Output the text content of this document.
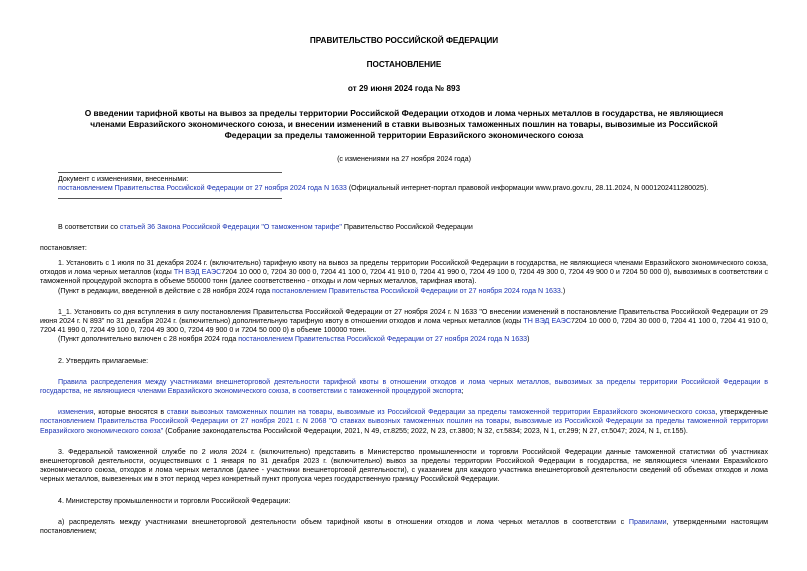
ПРАВИТЕЛЬСТВО РОССИЙСКОЙ ФЕДЕРАЦИИ
ПОСТАНОВЛЕНИЕ
от 29 июня 2024 года № 893
О введении тарифной квоты на вывоз за пределы территории Российской Федерации отходов и лома черных металлов в государства, не являющиеся членами Евразийского экономического союза, и внесении изменений в ставки вывозных таможенных пошлин на товары, вывозимые из Российской Федерации за пределы таможенной территории Евразийского экономического союза
(с изменениями на 27 ноября 2024 года)

Документ с изменениями, внесенными:

постановлением Правительства Российской Федерации от 27 ноября 2024 года N 1633 (Официальный интернет-портал правовой информации www.pravo.gov.ru, 28.11.2024, N 0001202411280025).

В соответствии со статьей 36 Закона Российской Федерации "О таможенном тарифе" Правительство Российской Федерации

постановляет:

1. Установить с 1 июля по 31 декабря 2024 г. (включительно) тарифную квоту на вывоз за пределы территории Российской Федерации в государства, не являющиеся членами Евразийского экономического союза, отходов и лома черных металлов (коды ТН ВЭД ЕАЭС7204 10 000 0, 7204 30 000 0, 7204 41 100 0, 7204 41 910 0, 7204 41 990 0, 7204 49 100 0, 7204 49 300 0, 7204 49 900 0 и 7204 50 000 0), вывозимых в соответствии с таможенной процедурой экспорта в объеме 550000 тонн (далее соответственно - отходы и лом черных металлов, тарифная квота).

(Пункт в редакции, введенной в действие с 28 ноября 2024 года постановлением Правительства Российской Федерации от 27 ноября 2024 года N 1633.)

1_1. Установить со дня вступления в силу постановления Правительства Российской Федерации от 27 ноября 2024 г. N 1633 "О внесении изменений в постановление Правительства Российской Федерации от 29 июня 2024 г. N 893" по 31 декабря 2024 г. (включительно) дополнительную тарифную квоту в отношении отходов и лома черных металлов (коды ТН ВЭД ЕАЭС7204 10 000 0, 7204 30 000 0, 7204 41 100 0, 7204 41 910 0, 7204 41 990 0, 7204 49 100 0, 7204 49 300 0, 7204 49 900 0 и 7204 50 000 0) в объеме 100000 тонн.

(Пункт дополнительно включен с 28 ноября 2024 года постановлением Правительства Российской Федерации от 27 ноября 2024 года N 1633)

2. Утвердить прилагаемые:

Правила распределения между участниками внешнеторговой деятельности тарифной квоты в отношении отходов и лома черных металлов, вывозимых за пределы территории Российской Федерации в государства, не являющиеся членами Евразийского экономического союза, в соответствии с таможенной процедурой экспорта;

изменения, которые вносятся в ставки вывозных таможенных пошлин на товары, вывозимые из Российской Федерации за пределы таможенной территории Евразийского экономического союза, утвержденные постановлением Правительства Российской Федерации от 27 ноября 2021 г. N 2068 "О ставках вывозных таможенных пошлин на товары, вывозимые из Российской Федерации за пределы таможенной территории Евразийского экономического союза" (Собрание законодательства Российской Федерации, 2021, N 49, ст.8255; 2022, N 23, ст.3800; N 32, ст.5834; 2023, N 1, ст.299; N 27, ст.5047; 2024, N 1, ст.155).

3. Федеральной таможенной службе по 2 июля 2024 г. (включительно) представить в Министерство промышленности и торговли Российской Федерации данные таможенной статистики об участниках внешнеторговой деятельности, осуществивших с 1 января по 31 декабря 2023 г. (включительно) вывоз за пределы территории Российской Федерации в государства, не являющиеся членами Евразийского экономического союза, отходов и лома черных металлов (далее - участники внешнеторговой деятельности), с указанием для каждого участника внешнеторговой деятельности сведений об объемах отходов и лома черных металлов, вывезенных им в этот период через конкретный пункт пропуска через государственную границу Российской Федерации.

4. Министерству промышленности и торговли Российской Федерации:

а) распределять между участниками внешнеторговой деятельности объем тарифной квоты в отношении отходов и лома черных металлов в соответствии с Правилами, утвержденными настоящим постановлением;
